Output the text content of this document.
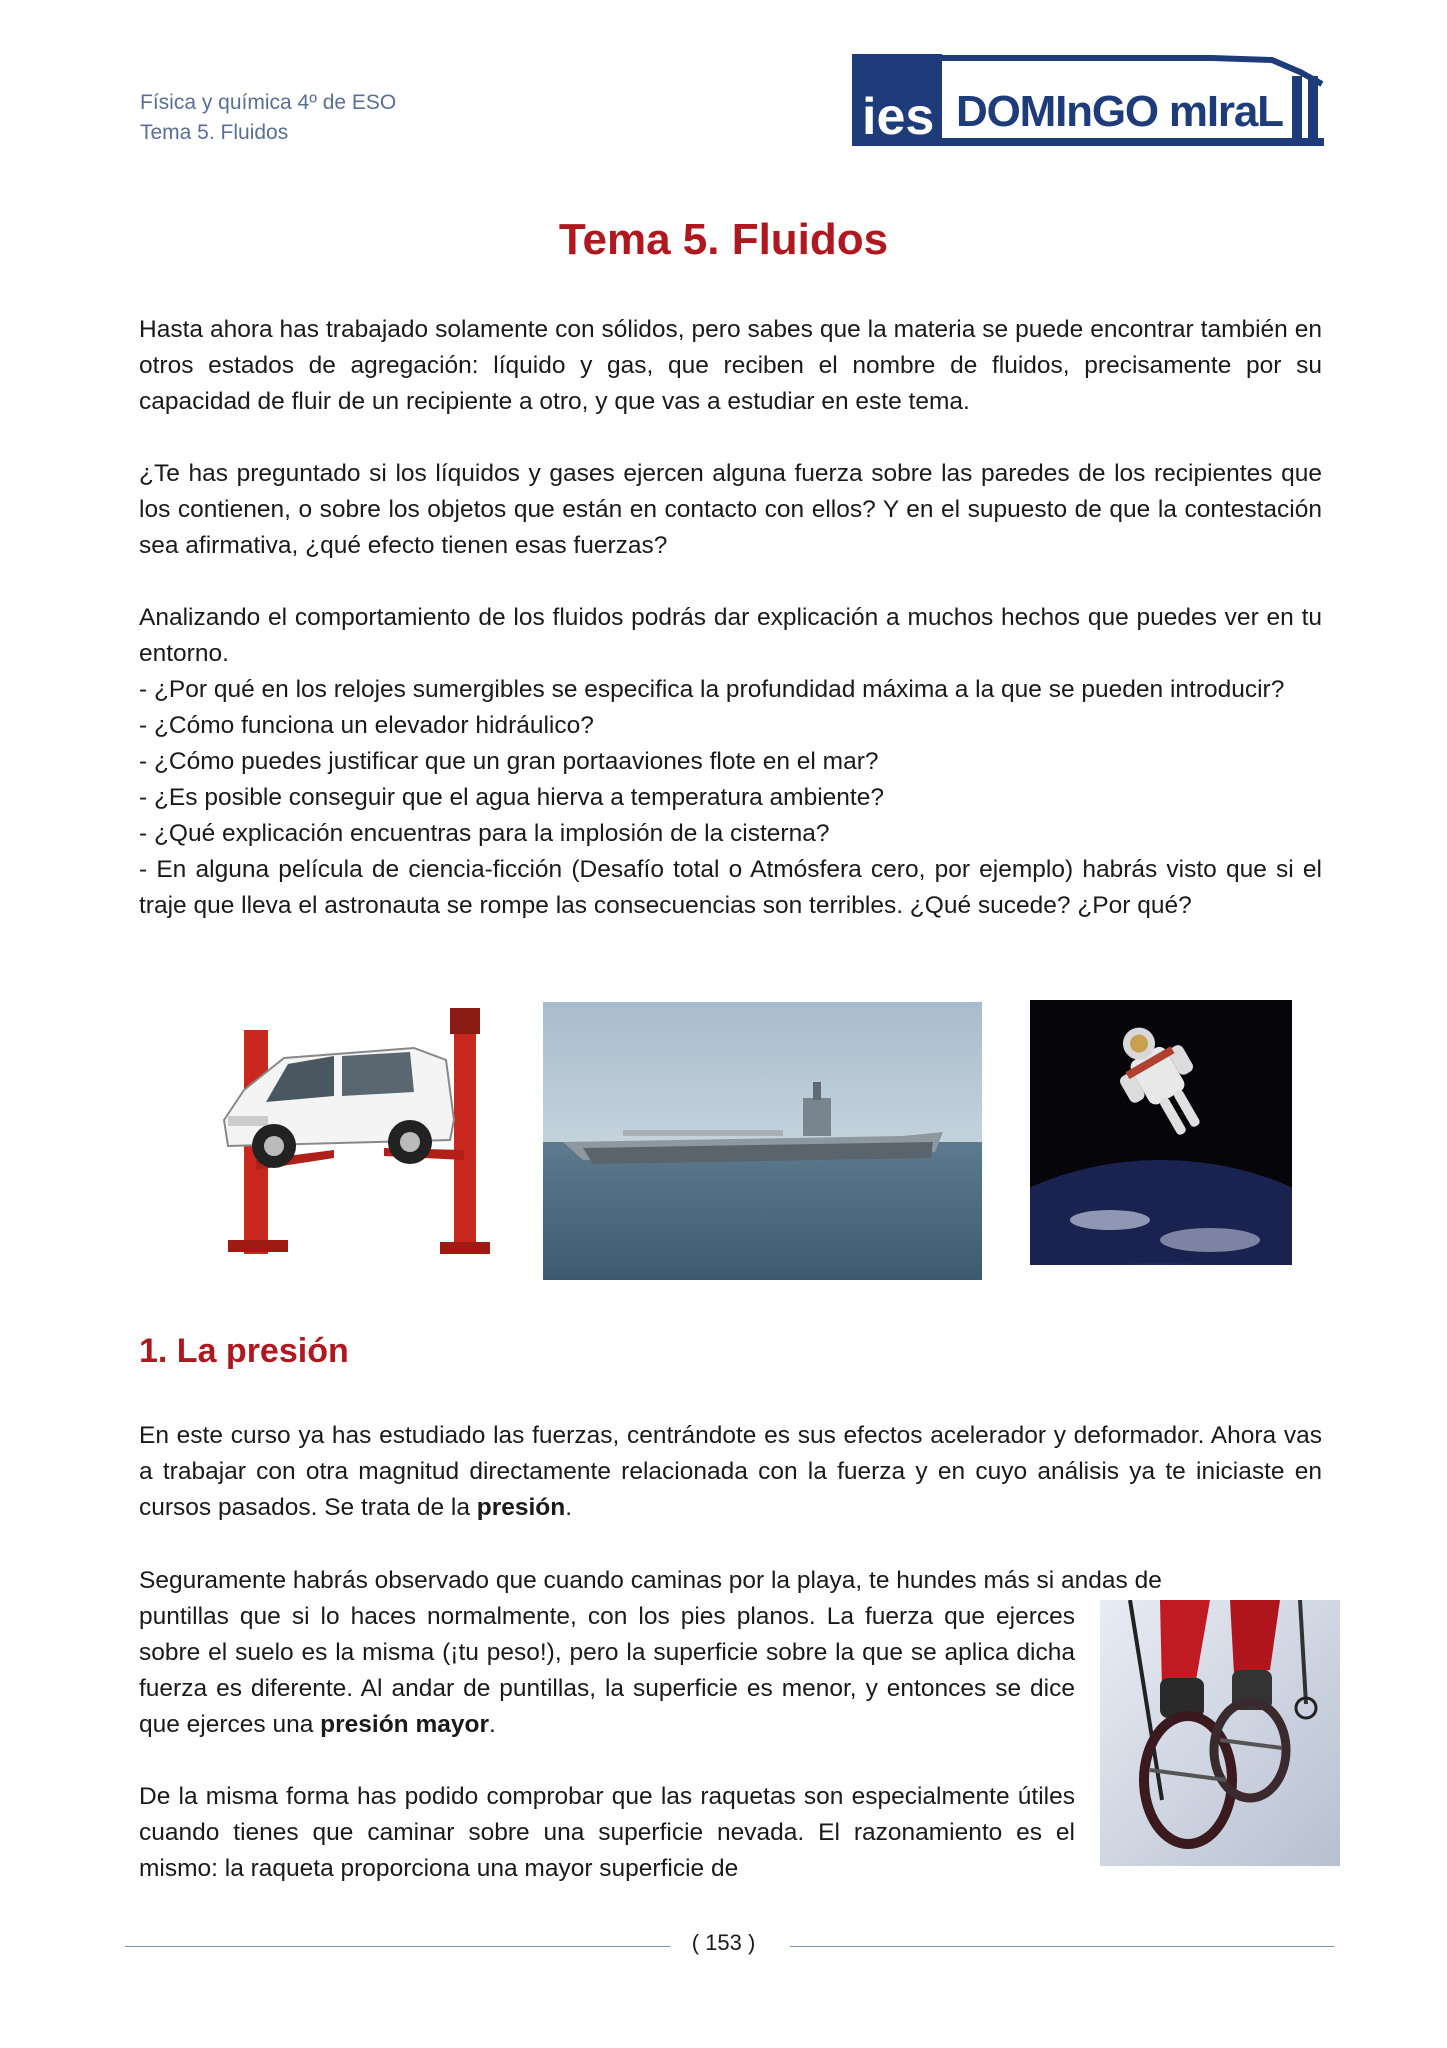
Física y química 4º de ESO
Tema 5. Fluidos	ies DOMInGO mIraL
Tema 5. Fluidos

Hasta ahora has trabajado solamente con sólidos, pero sabes que la materia se puede encontrar también en otros estados de agregación: líquido y gas, que reciben el nombre de fluidos, precisamente por su capacidad de fluir de un recipiente a otro, y que vas a estudiar en este tema.

¿Te has preguntado si los líquidos y gases ejercen alguna fuerza sobre las paredes de los recipientes que los contienen, o sobre los objetos que están en contacto con ellos? Y en el supuesto de que la contestación sea afirmativa, ¿qué efecto tienen esas fuerzas?

Analizando el comportamiento de los fluidos podrás dar explicación a muchos hechos que puedes ver en tu entorno.

- ¿Por qué en los relojes sumergibles se especifica la profundidad máxima a la que se pueden introducir?

- ¿Cómo funciona un elevador hidráulico?

- ¿Cómo puedes justificar que un gran portaaviones flote en el mar?

- ¿Es posible conseguir que el agua hierva a temperatura ambiente?

- ¿Qué explicación encuentras para la implosión de la cisterna?

- En alguna película de ciencia-ficción (Desafío total o Atmósfera cero, por ejemplo) habrás visto que si el traje que lleva el astronauta se rompe las consecuencias son terribles. ¿Qué sucede? ¿Por qué?

1. La presión

En este curso ya has estudiado las fuerzas, centrándote es sus efectos acelerador y deformador. Ahora vas a trabajar con otra magnitud directamente relacionada con la fuerza y en cuyo análisis ya te iniciaste en cursos pasados. Se trata de la presión.

Seguramente habrás observado que cuando caminas por la playa, te hundes más si andas de

puntillas que si lo haces normalmente, con los pies planos. La fuerza que ejerces sobre el suelo es la misma (¡tu peso!), pero la superficie sobre la que se aplica dicha fuerza es diferente. Al andar de puntillas, la superficie es menor, y entonces se dice que ejerces una presión mayor.

De la misma forma has podido comprobar que las raquetas son especialmente útiles cuando tienes que caminar sobre una superficie nevada. El razonamiento es el mismo: la raqueta proporciona una mayor superficie de

( 153 )
